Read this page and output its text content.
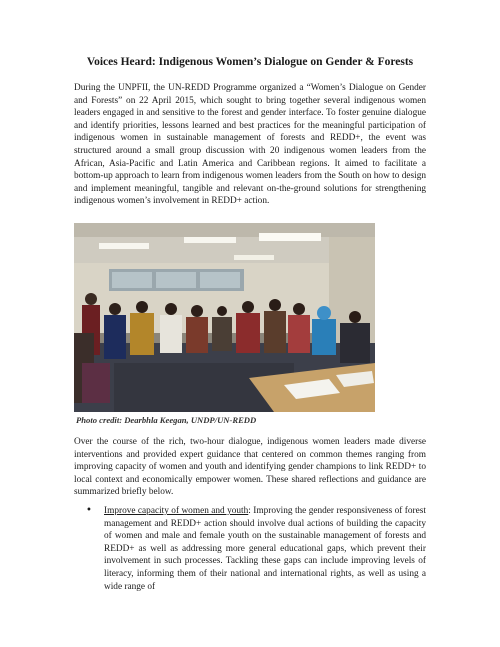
Voices Heard: Indigenous Women’s Dialogue on Gender & Forests

During the UNPFII, the UN-REDD Programme organized a “Women’s Dialogue on Gender and Forests” on 22 April 2015, which sought to bring together several indigenous women leaders engaged in and sensitive to the forest and gender interface. To foster genuine dialogue and identify priorities, lessons learned and best practices for the meaningful participation of indigenous women in sustainable management of forests and REDD+, the event was structured around a small group discussion with 20 indigenous women leaders from the African, Asia-Pacific and Latin America and Caribbean regions. It aimed to facilitate a bottom-up approach to learn from indigenous women leaders from the South on how to design and implement meaningful, tangible and relevant on-the-ground solutions for strengthening indigenous women’s involvement in REDD+ action.

Photo credit: Dearbhla Keegan, UNDP/UN-REDD

Over the course of the rich, two-hour dialogue, indigenous women leaders made diverse interventions and provided expert guidance that centered on common themes ranging from improving capacity of women and youth and identifying gender champions to link REDD+ to local context and economically empower women. These shared reflections and guidance are summarized briefly below.

• Improve capacity of women and youth: Improving the gender responsiveness of forest management and REDD+ action should involve dual actions of building the capacity of women and male and female youth on the sustainable management of forests and REDD+ as well as addressing more general educational gaps, which prevent their involvement in such processes. Tackling these gaps can include improving levels of literacy, informing them of their national and international rights, as well as using a wide range of
